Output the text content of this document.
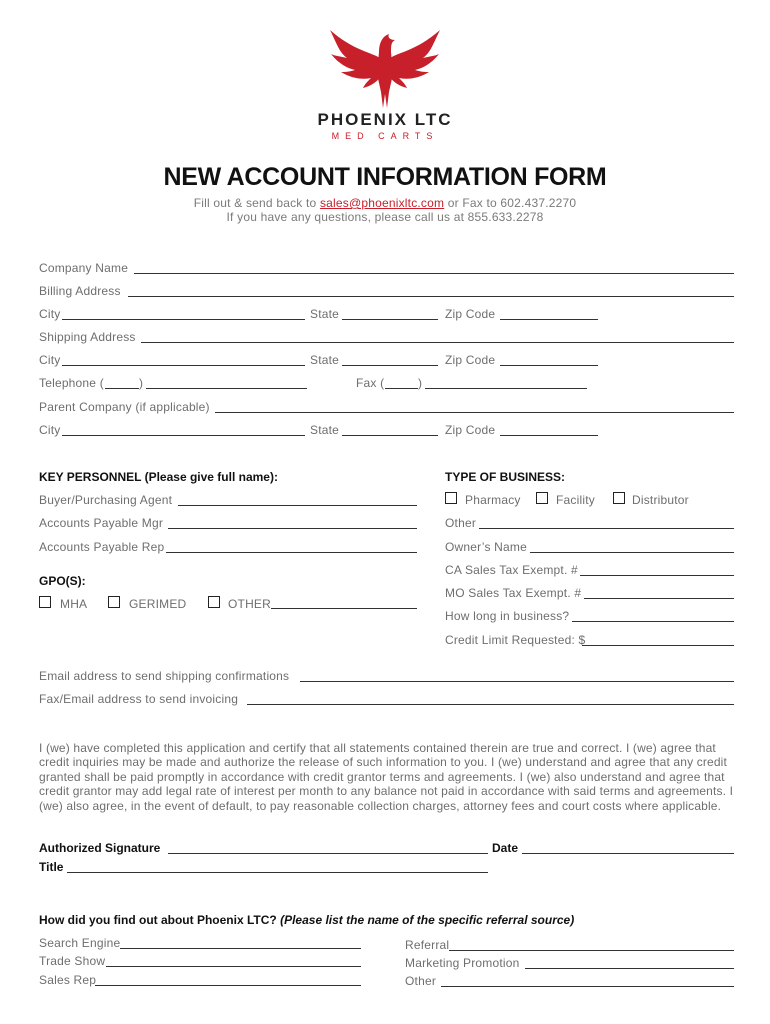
PHOENIX LTC
MED CARTS
NEW ACCOUNT INFORMATION FORM
Fill out & send back to sales@phoenixltc.com or Fax to 602.437.2270
If you have any questions, please call us at 855.633.2278
Company Name
Billing Address
City	State	Zip Code
Shipping Address
City	State	Zip Code
Telephone (	)	Fax (	)
Parent Company (if applicable)
City	State	Zip Code
KEY PERSONNEL (Please give full name):
Buyer/Purchasing Agent
Accounts Payable Mgr
Accounts Payable Rep
GPO(S):
MHA	GERIMED	OTHER
TYPE OF BUSINESS:
Pharmacy	Facility	Distributor
Other
Owner’s Name
CA Sales Tax Exempt. #
MO Sales Tax Exempt. #
How long in business?
Credit Limit Requested: $
Email address to send shipping confirmations
Fax/Email address to send invoicing
I (we) have completed this application and certify that all statements contained therein are true and correct. I (we) agree that credit inquiries may be made and authorize the release of such information to you. I (we) understand and agree that any credit granted shall be paid promptly in accordance with credit grantor terms and agreements. I (we) also understand and agree that credit grantor may add legal rate of interest per month to any balance not paid in accordance with said terms and agreements. I (we) also agree, in the event of default, to pay reasonable collection charges, attorney fees and court costs where applicable.
Authorized Signature	Date
Title
How did you find out about Phoenix LTC? (Please list the name of the specific referral source)
Search Engine
Trade Show
Sales Rep
Referral
Marketing Promotion
Other
